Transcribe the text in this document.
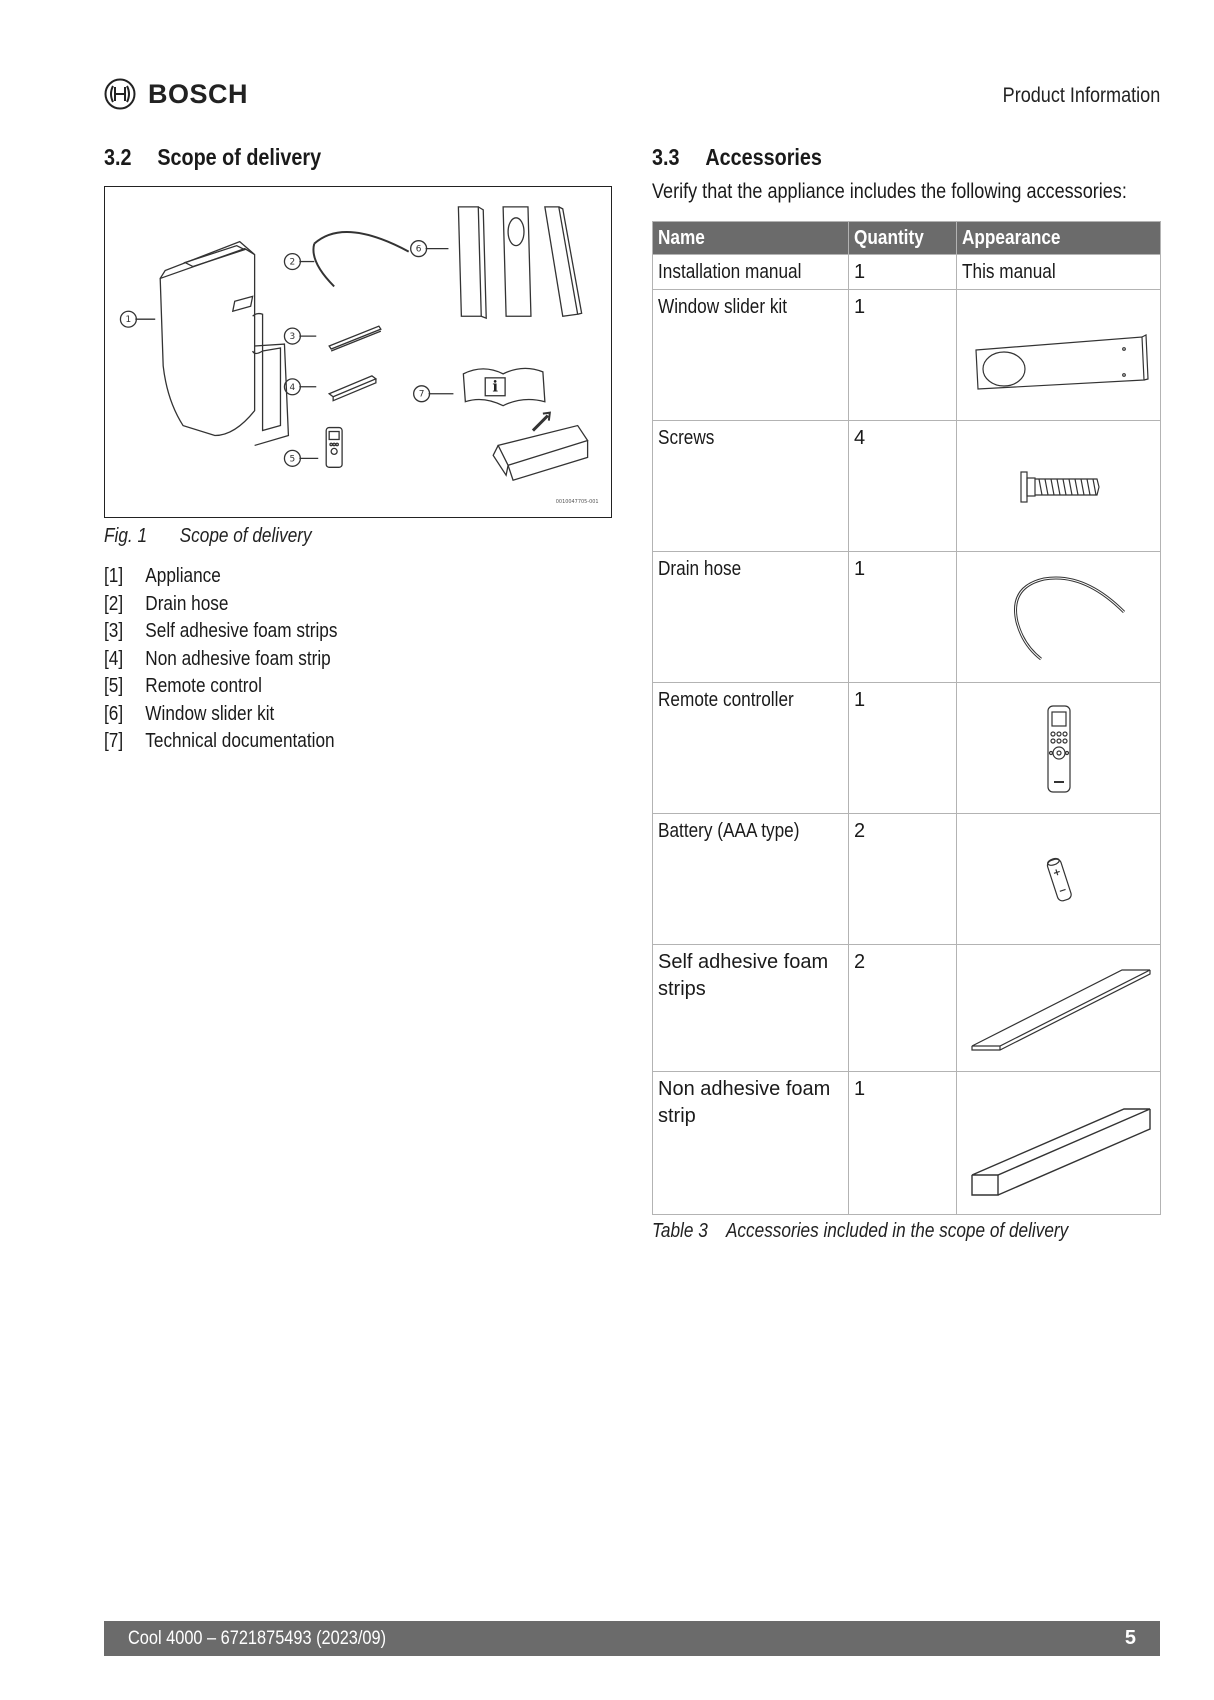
BOSCH	Product Information
3.2 Scope of delivery
i
1
2
3
4
5
6
7
0010047705-001
Fig. 1 Scope of delivery
[1] Appliance
[2] Drain hose
[3] Self adhesive foam strips
[4] Non adhesive foam strip
[5] Remote control
[6] Window slider kit
[7] Technical documentation
3.3 Accessories
Verify that the appliance includes the following accessories:
Name	Quantity	Appearance
Installation manual	1	This manual
Window slider kit	1	

Screws	4	

Drain hose	1	

Remote controller	1	

Battery (AAA type)	2	

Self adhesive foam strips	2	

Non adhesive foam strip	1	
Table 3 Accessories included in the scope of delivery
Cool 4000 – 6721875493 (2023/09)	5
